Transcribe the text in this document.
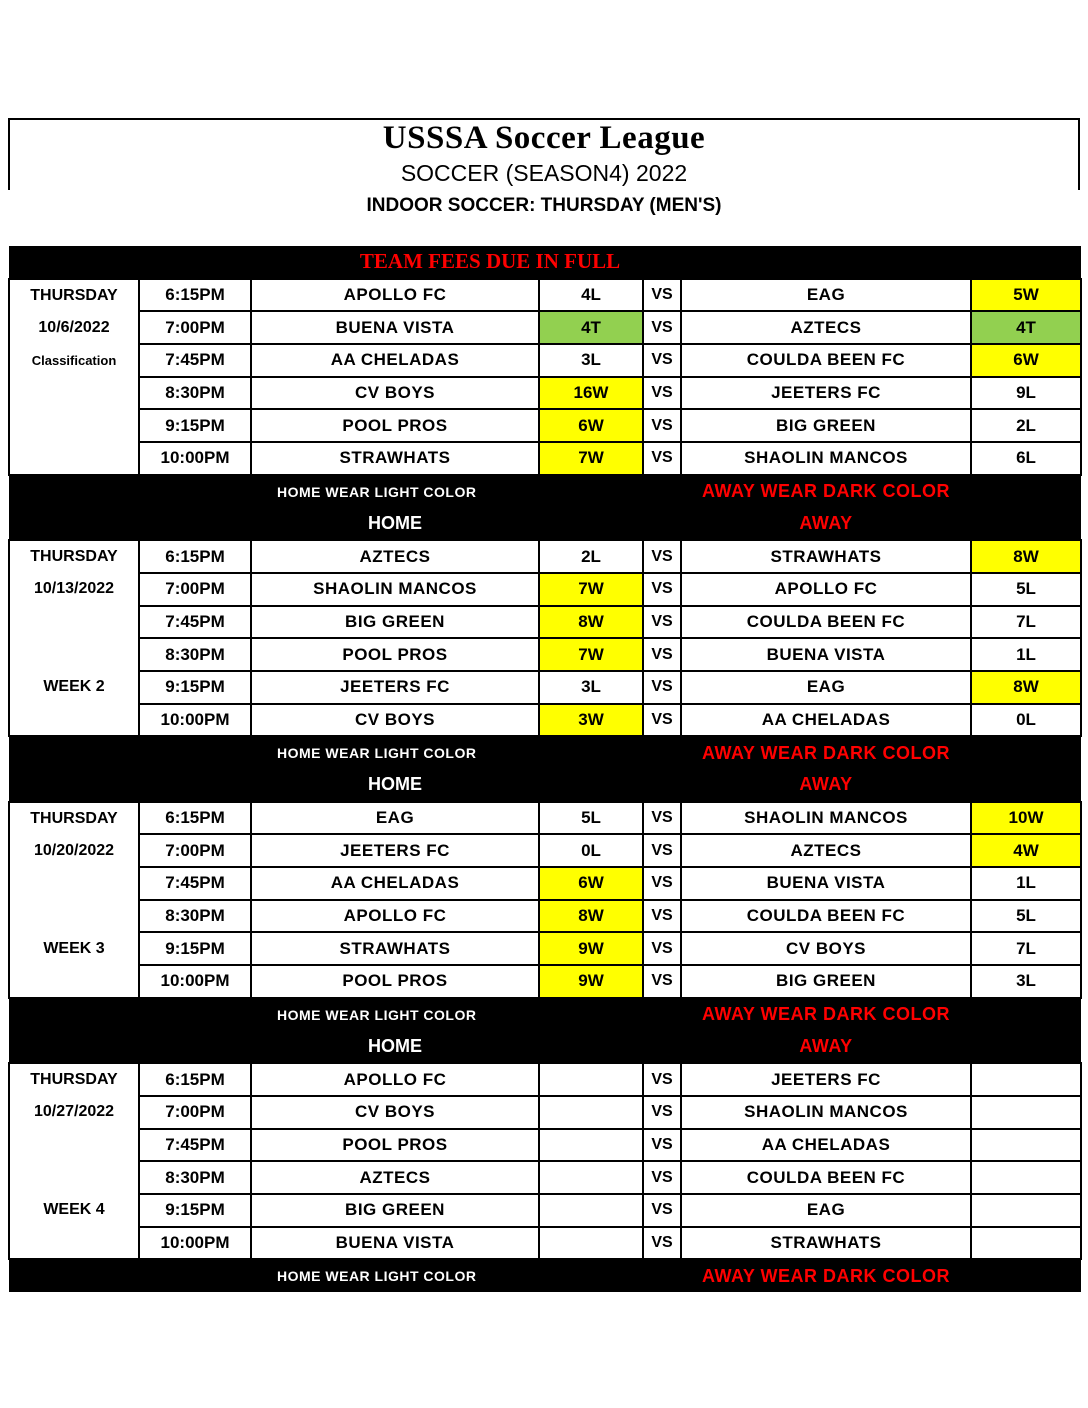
USSSA Soccer League
SOCCER (SEASON4) 2022
INDOOR SOCCER: THURSDAY (MEN'S)
	TEAM FEES DUE IN FULL					
THURSDAY	6:15PM	APOLLO FC	4L	VS	EAG	5W
10/6/2022	7:00PM	BUENA VISTA	4T	VS	AZTECS	4T
Classification	7:45PM	AA CHELADAS	3L	VS	COULDA BEEN FC	6W
	8:30PM	CV BOYS	16W	VS	JEETERS FC	9L
	9:15PM	POOL PROS	6W	VS	BIG GREEN	2L
	10:00PM	STRAWHATS	7W	VS	SHAOLIN MANCOS	6L
		HOME WEAR LIGHT COLOR			AWAY WEAR DARK COLOR	
		HOME			AWAY	
THURSDAY	6:15PM	AZTECS	2L	VS	STRAWHATS	8W
10/13/2022	7:00PM	SHAOLIN MANCOS	7W	VS	APOLLO FC	5L
	7:45PM	BIG GREEN	8W	VS	COULDA BEEN FC	7L
	8:30PM	POOL PROS	7W	VS	BUENA VISTA	1L
WEEK 2	9:15PM	JEETERS FC	3L	VS	EAG	8W
	10:00PM	CV BOYS	3W	VS	AA CHELADAS	0L
		HOME WEAR LIGHT COLOR			AWAY WEAR DARK COLOR	
		HOME			AWAY	
THURSDAY	6:15PM	EAG	5L	VS	SHAOLIN MANCOS	10W
10/20/2022	7:00PM	JEETERS FC	0L	VS	AZTECS	4W
	7:45PM	AA CHELADAS	6W	VS	BUENA VISTA	1L
	8:30PM	APOLLO FC	8W	VS	COULDA BEEN FC	5L
WEEK 3	9:15PM	STRAWHATS	9W	VS	CV BOYS	7L
	10:00PM	POOL PROS	9W	VS	BIG GREEN	3L
		HOME WEAR LIGHT COLOR			AWAY WEAR DARK COLOR	
		HOME			AWAY	
THURSDAY	6:15PM	APOLLO FC		VS	JEETERS FC	
10/27/2022	7:00PM	CV BOYS		VS	SHAOLIN MANCOS	
	7:45PM	POOL PROS		VS	AA CHELADAS	
	8:30PM	AZTECS		VS	COULDA BEEN FC	
WEEK 4	9:15PM	BIG GREEN		VS	EAG	
	10:00PM	BUENA VISTA		VS	STRAWHATS	
		HOME WEAR LIGHT COLOR			AWAY WEAR DARK COLOR	
